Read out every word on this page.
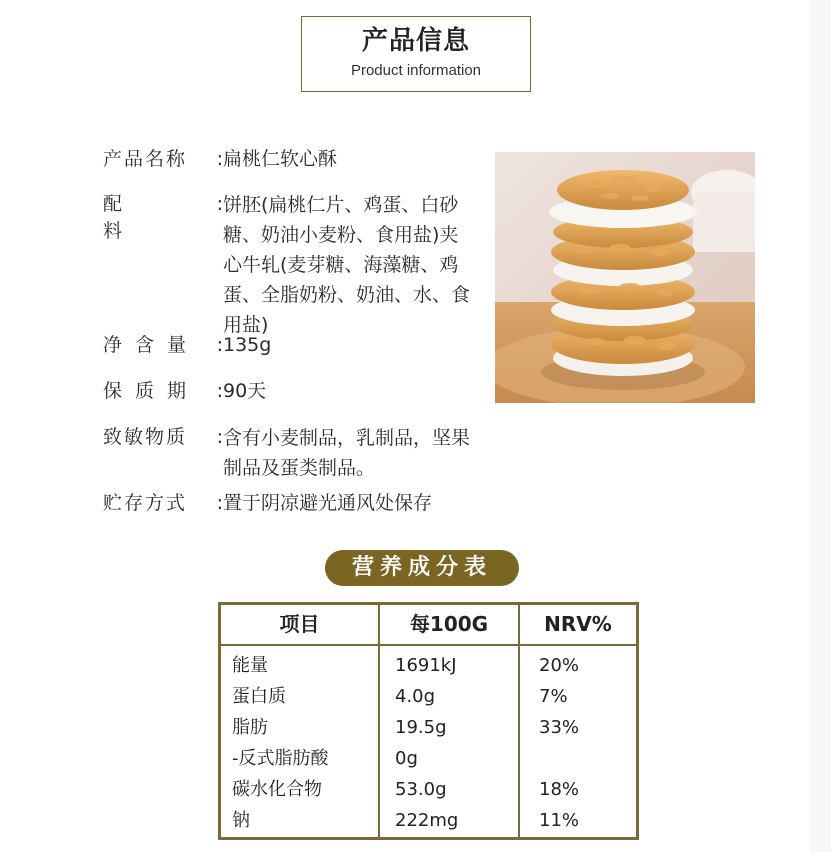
产品信息
Product information
产品名称 : 扁桃仁软心酥
配料
: 饼胚(扁桃仁片、鸡蛋、白砂糖、奶油小麦粉、食用盐)夹心牛轧(麦芽糖、海藻糖、鸡蛋、全脂奶粉、奶油、水、食用盐)
净含量 : 135g
保质期 : 90天
致敏物质 : 含有小麦制品，乳制品，坚果制品及蛋类制品。
贮存方式 : 置于阴凉避光通风处保存
营养成分表
项目	每100G	NRV%
能量	1691kJ	20%
蛋白质	4.0g	7%
脂肪	19.5g	33%
-反式脂肪酸	0g
碳水化合物	53.0g	18%
钠	222mg	11%
